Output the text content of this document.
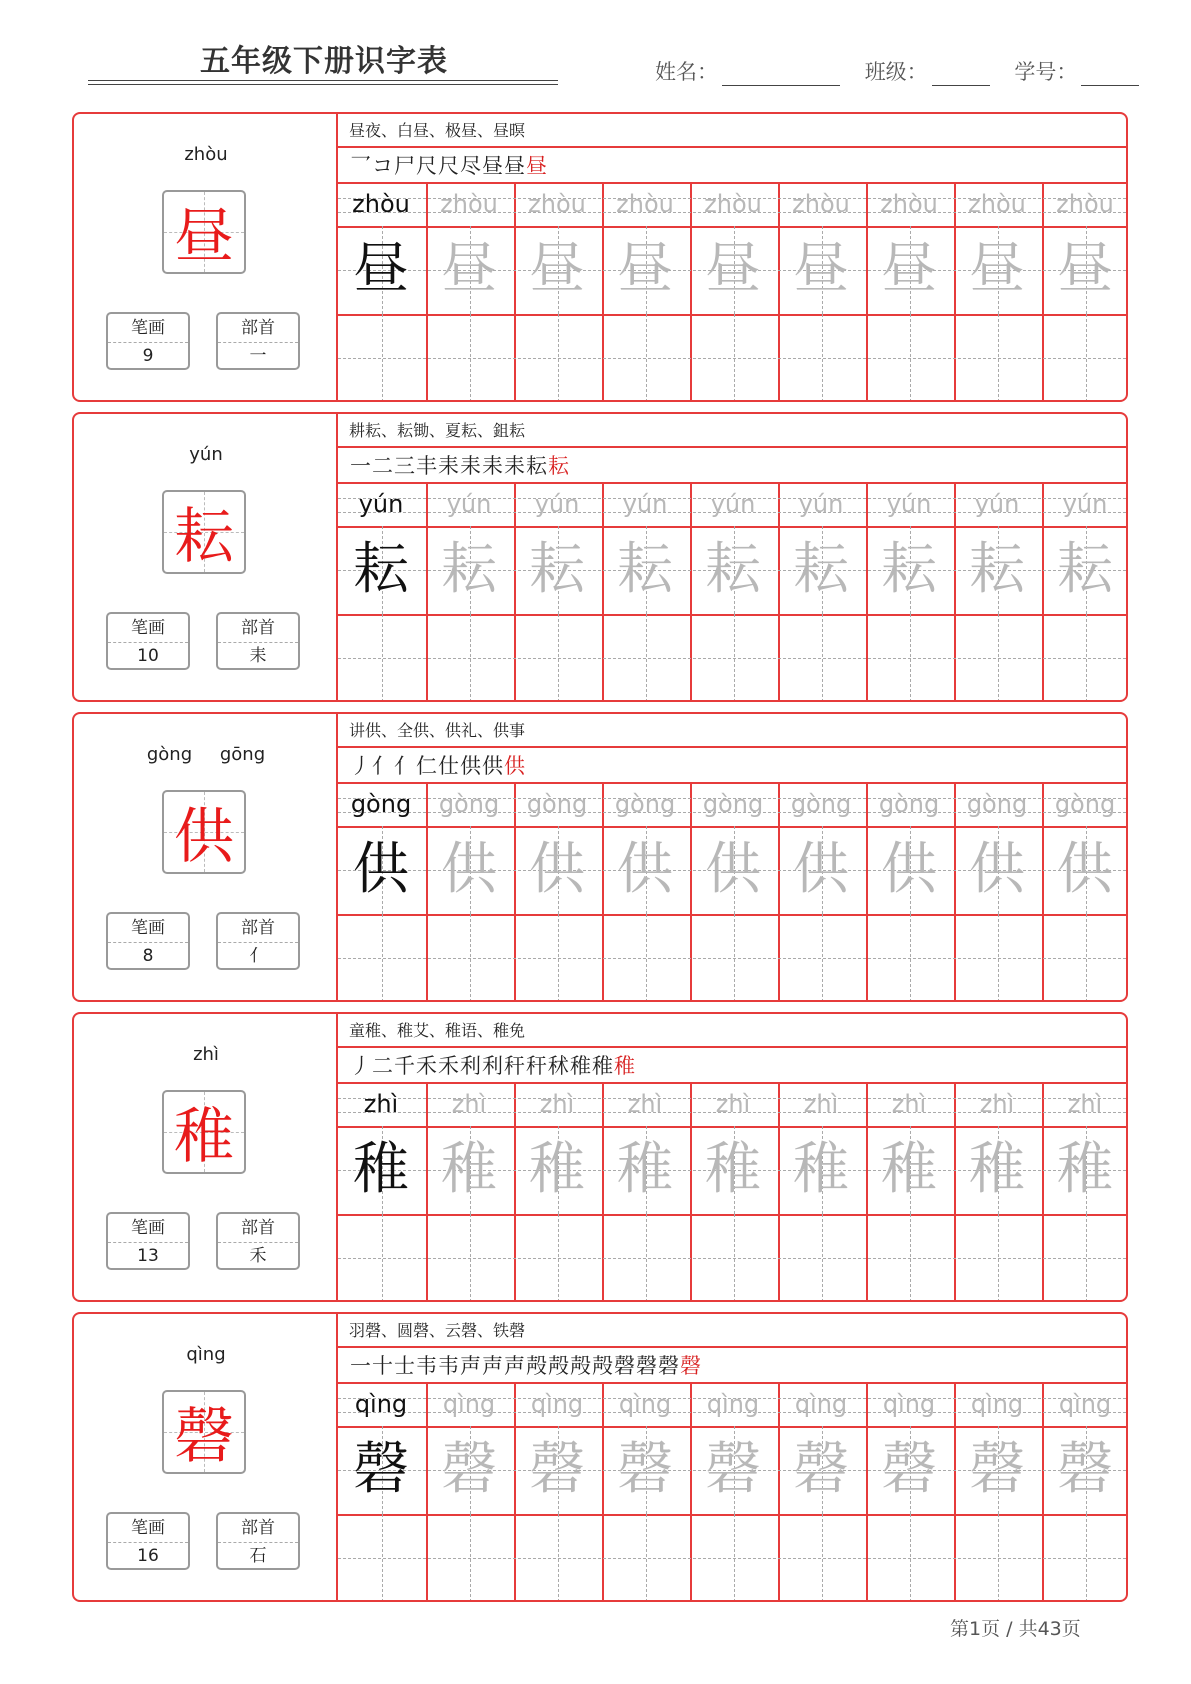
五年级下册识字表	姓名：	班级：	学号：
zhòu
昼
笔画
9
部首
一
昼夜、白昼、极昼、昼暝
乛コ尸尺尺尽昼昼昼
zhòu
昼
zhòu
昼
zhòu
昼
zhòu
昼
zhòu
昼
zhòu
昼
zhòu
昼
zhòu
昼
zhòu
昼
yún
耘
笔画
10
部首
耒
耕耘、耘锄、夏耘、鉏耘
一二三丰耒耒耒耒耘耘
yún
耘
yún
耘
yún
耘
yún
耘
yún
耘
yún
耘
yún
耘
yún
耘
yún
耘
gòng gōng
供
笔画
8
部首
亻
讲供、全供、供礼、供事
丿亻亻仁仕供供供
gòng
供
gòng
供
gòng
供
gòng
供
gòng
供
gòng
供
gòng
供
gòng
供
gòng
供
zhì
稚
笔画
13
部首
禾
童稚、稚艾、稚语、稚免
丿二千禾禾利利秆秆秫稚稚稚
zhì
稚
zhì
稚
zhì
稚
zhì
稚
zhì
稚
zhì
稚
zhì
稚
zhì
稚
zhì
稚
qìng
磬
笔画
16
部首
石
羽磬、圆磬、云磬、铁磬
一十士韦韦声声声殸殸殸殸磬磬磬磬
qìng
磬
qìng
磬
qìng
磬
qìng
磬
qìng
磬
qìng
磬
qìng
磬
qìng
磬
qìng
磬
第1页 / 共43页
